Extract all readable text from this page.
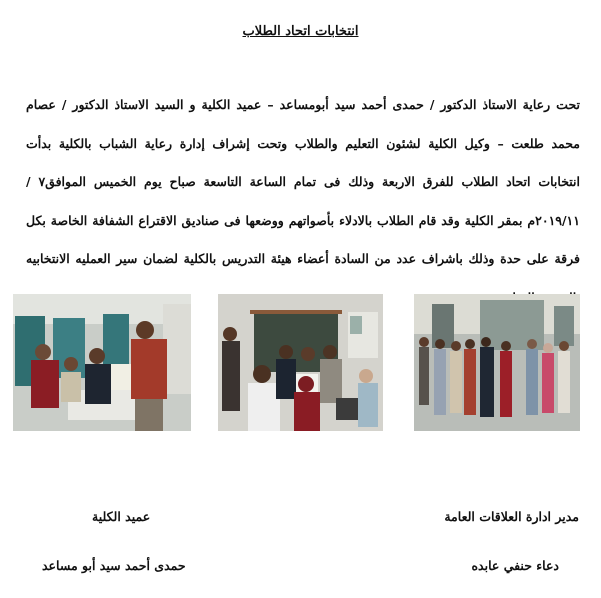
انتخابات اتحاد الطلاب
تحت رعاية الاستاذ الدكتور / حمدى أحمد سيد أبومساعد – عميد الكلية و السيد الاستاذ الدكتور / عصام محمد طلعت – وكيل الكلية لشئون التعليم والطلاب وتحت إشراف إدارة رعاية الشباب بالكلية بدأت انتخابات اتحاد الطلاب للفرق الاربعة وذلك فى تمام الساعة التاسعة صباح يوم الخميس الموافق٧ /٢٠١٩/١١م بمقر الكلية وقد قام الطلاب بالادلاء بأصواتهم ووضعها فى صناديق الاقتراع الشفافة الخاصة بكل فرقة على حدة وذلك باشراف عدد من السادة أعضاء هيئة التدريس بالكلية لضمان سير العمليه الانتخابيه
مدير ادارة العلاقات العامة
دعاء حنفي عابده
عميد الكلية
حمدى أحمد سيد أبو مساعد
